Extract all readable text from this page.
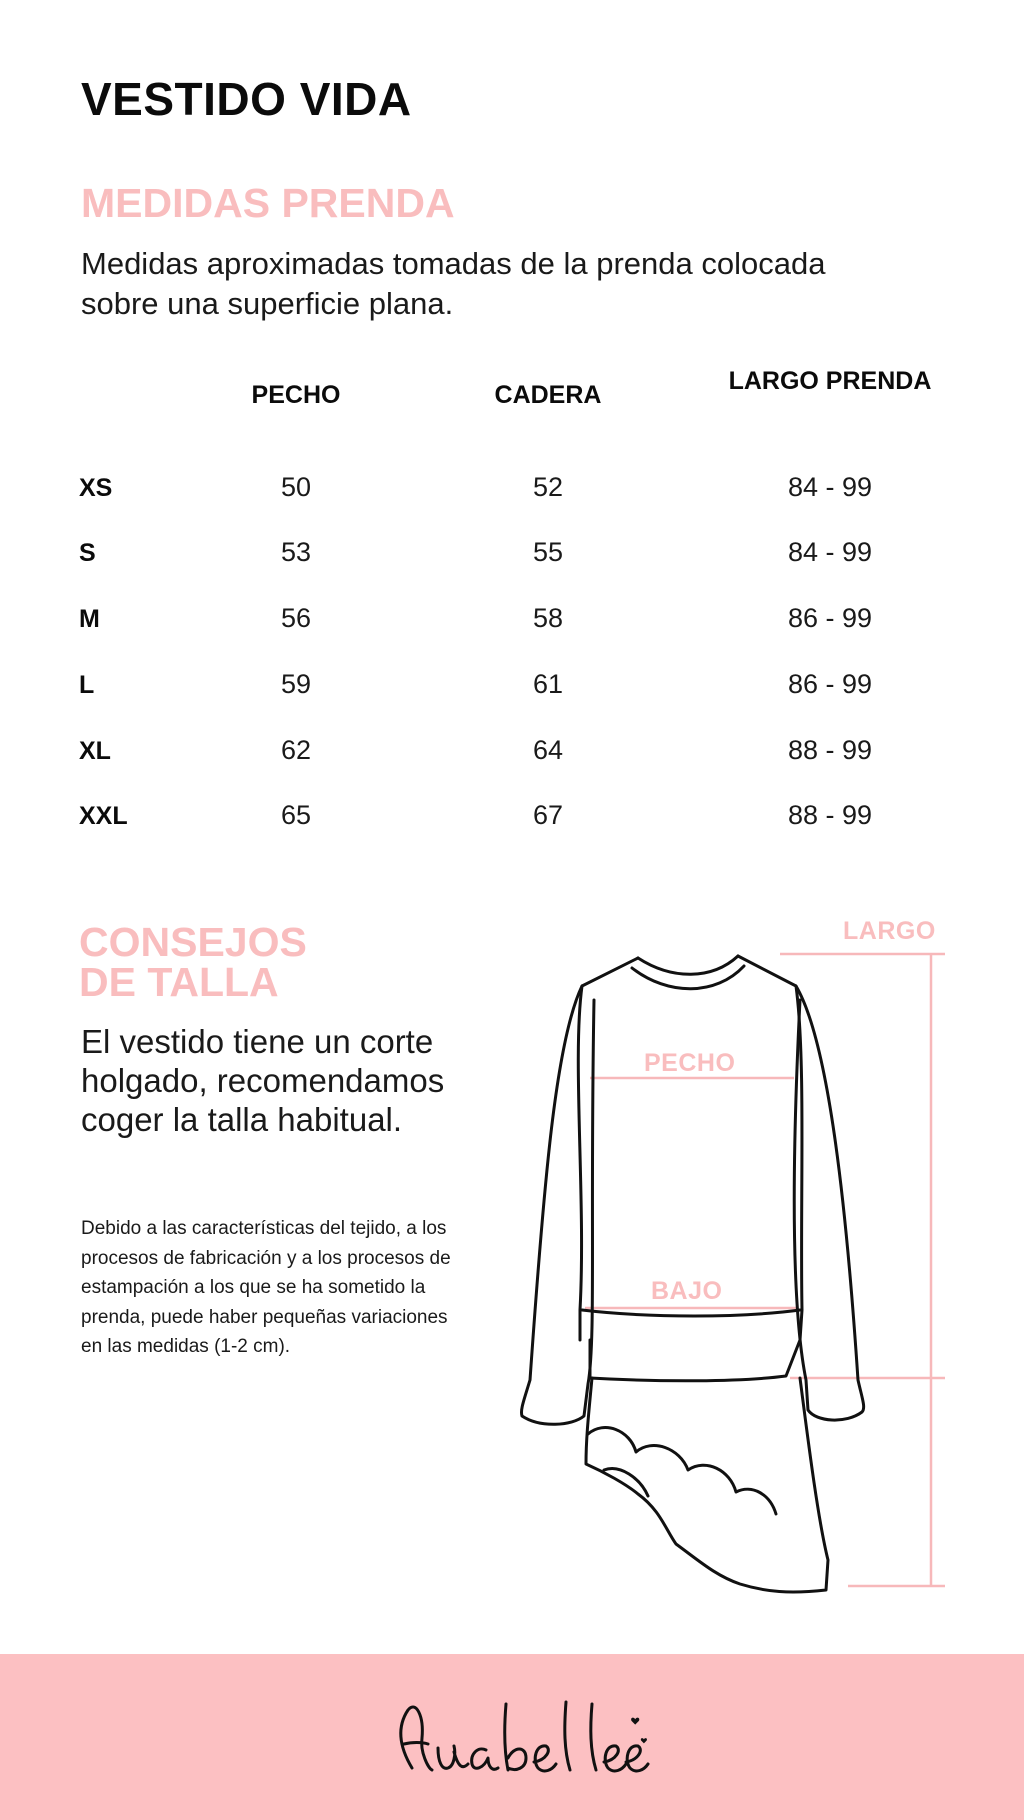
VESTIDO VIDA
MEDIDAS PRENDA

Medidas aproximadas tomadas de la prenda colocada sobre una superficie plana.

PECHO	CADERA	LARGO PRENDA
XS	50	52	84 - 99
S	53	55	84 - 99
M	56	58	86 - 99
L	59	61	86 - 99
XL	62	64	88 - 99
XXL	65	67	88 - 99
CONSEJOS
DE TALLA

El vestido tiene un corte holgado, recomendamos coger la talla habitual.

Debido a las características del tejido, a los procesos de fabricación y a los procesos de estampación a los que se ha sometido la prenda, puede haber pequeñas variaciones en las medidas (1-2 cm).

LARGO
PECHO
BAJO
